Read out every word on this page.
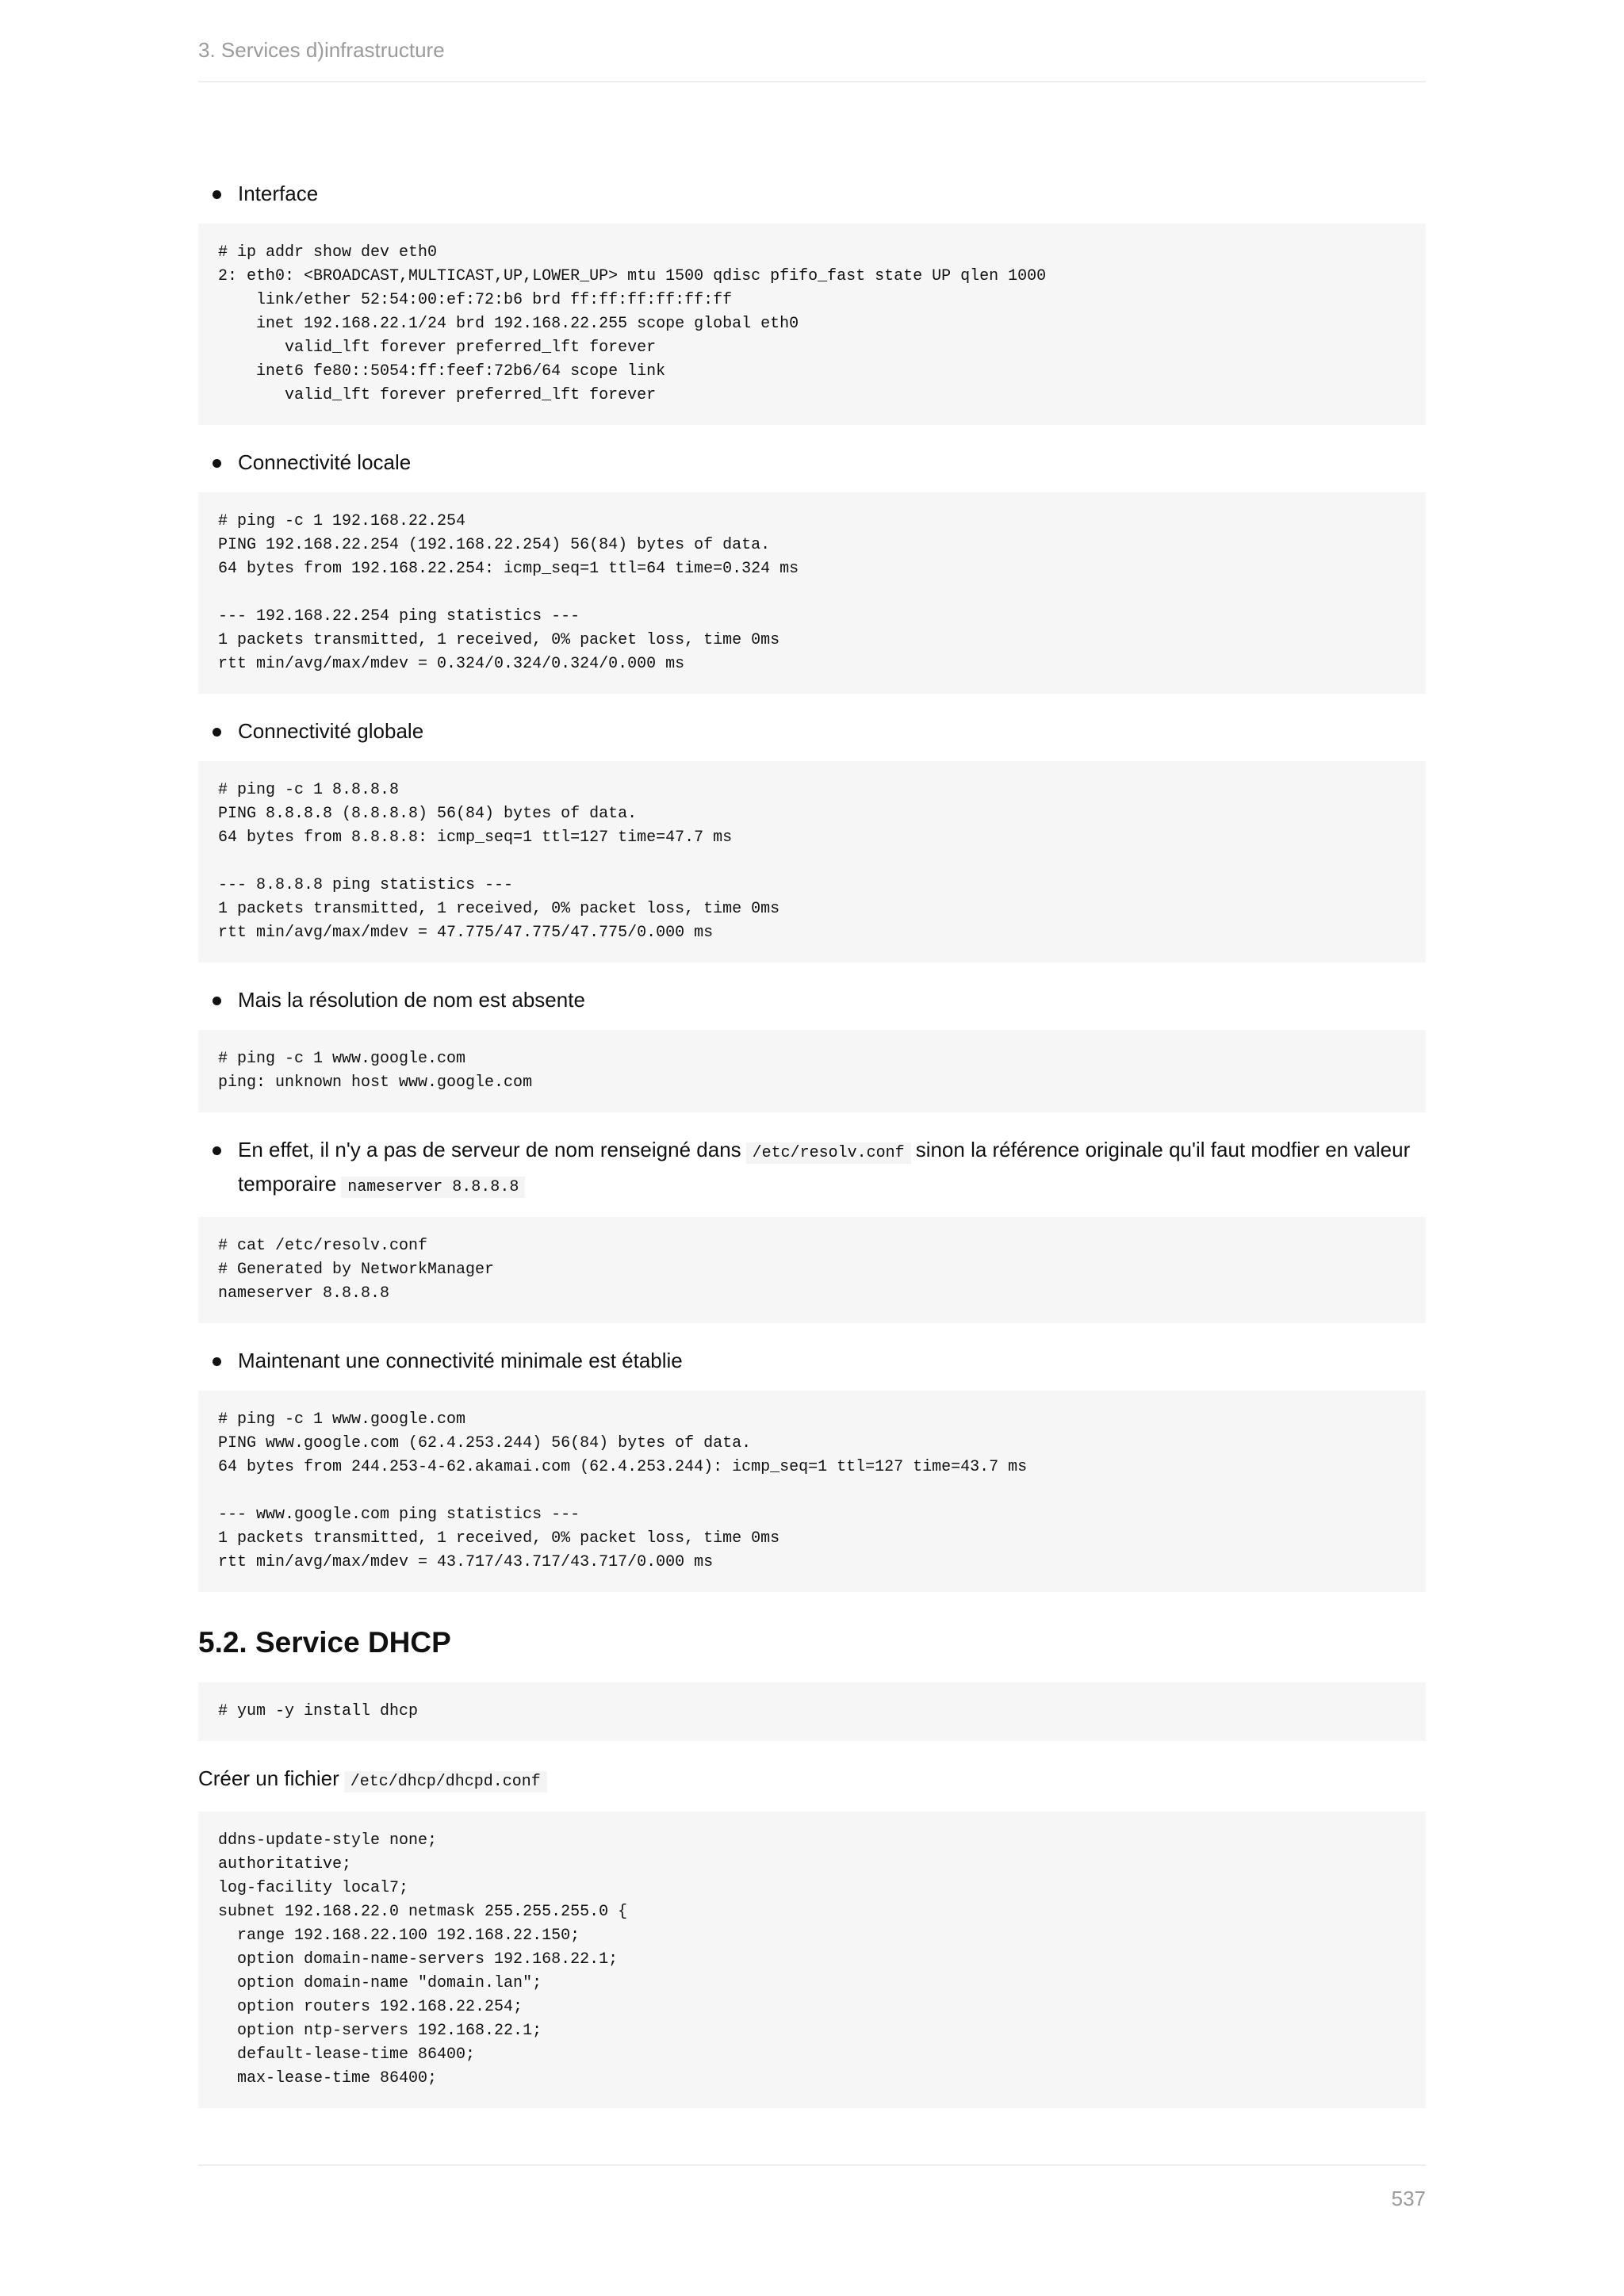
3. Services d)infrastructure
Interface
# ip addr show dev eth0
2: eth0: <BROADCAST,MULTICAST,UP,LOWER_UP> mtu 1500 qdisc pfifo_fast state UP qlen 1000
link/ether 52:54:00:ef:72:b6 brd ff:ff:ff:ff:ff:ff
inet 192.168.22.1/24 brd 192.168.22.255 scope global eth0
valid_lft forever preferred_lft forever
inet6 fe80::5054:ff:feef:72b6/64 scope link
valid_lft forever preferred_lft forever
Connectivité locale
# ping -c 1 192.168.22.254
PING 192.168.22.254 (192.168.22.254) 56(84) bytes of data.
64 bytes from 192.168.22.254: icmp_seq=1 ttl=64 time=0.324 ms

--- 192.168.22.254 ping statistics ---
1 packets transmitted, 1 received, 0% packet loss, time 0ms
rtt min/avg/max/mdev = 0.324/0.324/0.324/0.000 ms
Connectivité globale
# ping -c 1 8.8.8.8
PING 8.8.8.8 (8.8.8.8) 56(84) bytes of data.
64 bytes from 8.8.8.8: icmp_seq=1 ttl=127 time=47.7 ms

--- 8.8.8.8 ping statistics ---
1 packets transmitted, 1 received, 0% packet loss, time 0ms
rtt min/avg/max/mdev = 47.775/47.775/47.775/0.000 ms
Mais la résolution de nom est absente
# ping -c 1 www.google.com
ping: unknown host www.google.com
En effet, il n'y a pas de serveur de nom renseigné dans /etc/resolv.conf sinon la référence originale qu'il faut modfier en valeur temporaire nameserver 8.8.8.8
# cat /etc/resolv.conf
# Generated by NetworkManager
nameserver 8.8.8.8
Maintenant une connectivité minimale est établie
# ping -c 1 www.google.com
PING www.google.com (62.4.253.244) 56(84) bytes of data.
64 bytes from 244.253-4-62.akamai.com (62.4.253.244): icmp_seq=1 ttl=127 time=43.7 ms

--- www.google.com ping statistics ---
1 packets transmitted, 1 received, 0% packet loss, time 0ms
rtt min/avg/max/mdev = 43.717/43.717/43.717/0.000 ms
5.2. Service DHCP
# yum -y install dhcp

Créer un fichier /etc/dhcp/dhcpd.conf

ddns-update-style none;
authoritative;
log-facility local7;
subnet 192.168.22.0 netmask 255.255.255.0 {
range 192.168.22.100 192.168.22.150;
option domain-name-servers 192.168.22.1;
option domain-name "domain.lan";
option routers 192.168.22.254;
option ntp-servers 192.168.22.1;
default-lease-time 86400;
max-lease-time 86400;
537
